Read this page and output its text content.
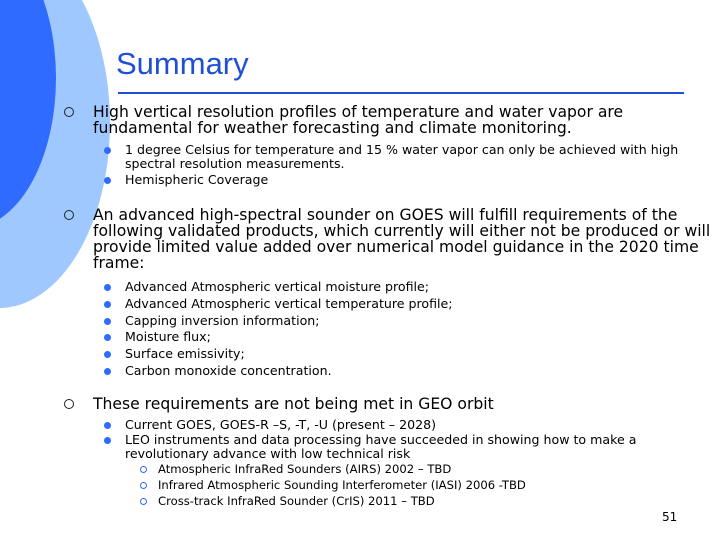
Summary
High vertical resolution profiles of temperature and water vapor are fundamental for weather forecasting and climate monitoring.
1 degree Celsius for temperature and 15 % water vapor can only be achieved with high spectral resolution measurements.
Hemispheric Coverage
An advanced high-spectral sounder on GOES will fulfill requirements of the following validated products, which currently will either not be produced or will provide limited value added over numerical model guidance in the 2020 time frame:
Advanced Atmospheric vertical moisture profile;
Advanced Atmospheric vertical temperature profile;
Capping inversion information;
Moisture flux;
Surface emissivity;
Carbon monoxide concentration.
These requirements are not being met in GEO orbit
Current GOES, GOES-R –S, -T, -U (present – 2028)
LEO instruments and data processing have succeeded in showing how to make a revolutionary advance with low technical risk
Atmospheric InfraRed Sounders (AIRS) 2002 – TBD
Infrared Atmospheric Sounding Interferometer (IASI) 2006 -TBD
Cross-track InfraRed Sounder (CrIS) 2011 – TBD
51
